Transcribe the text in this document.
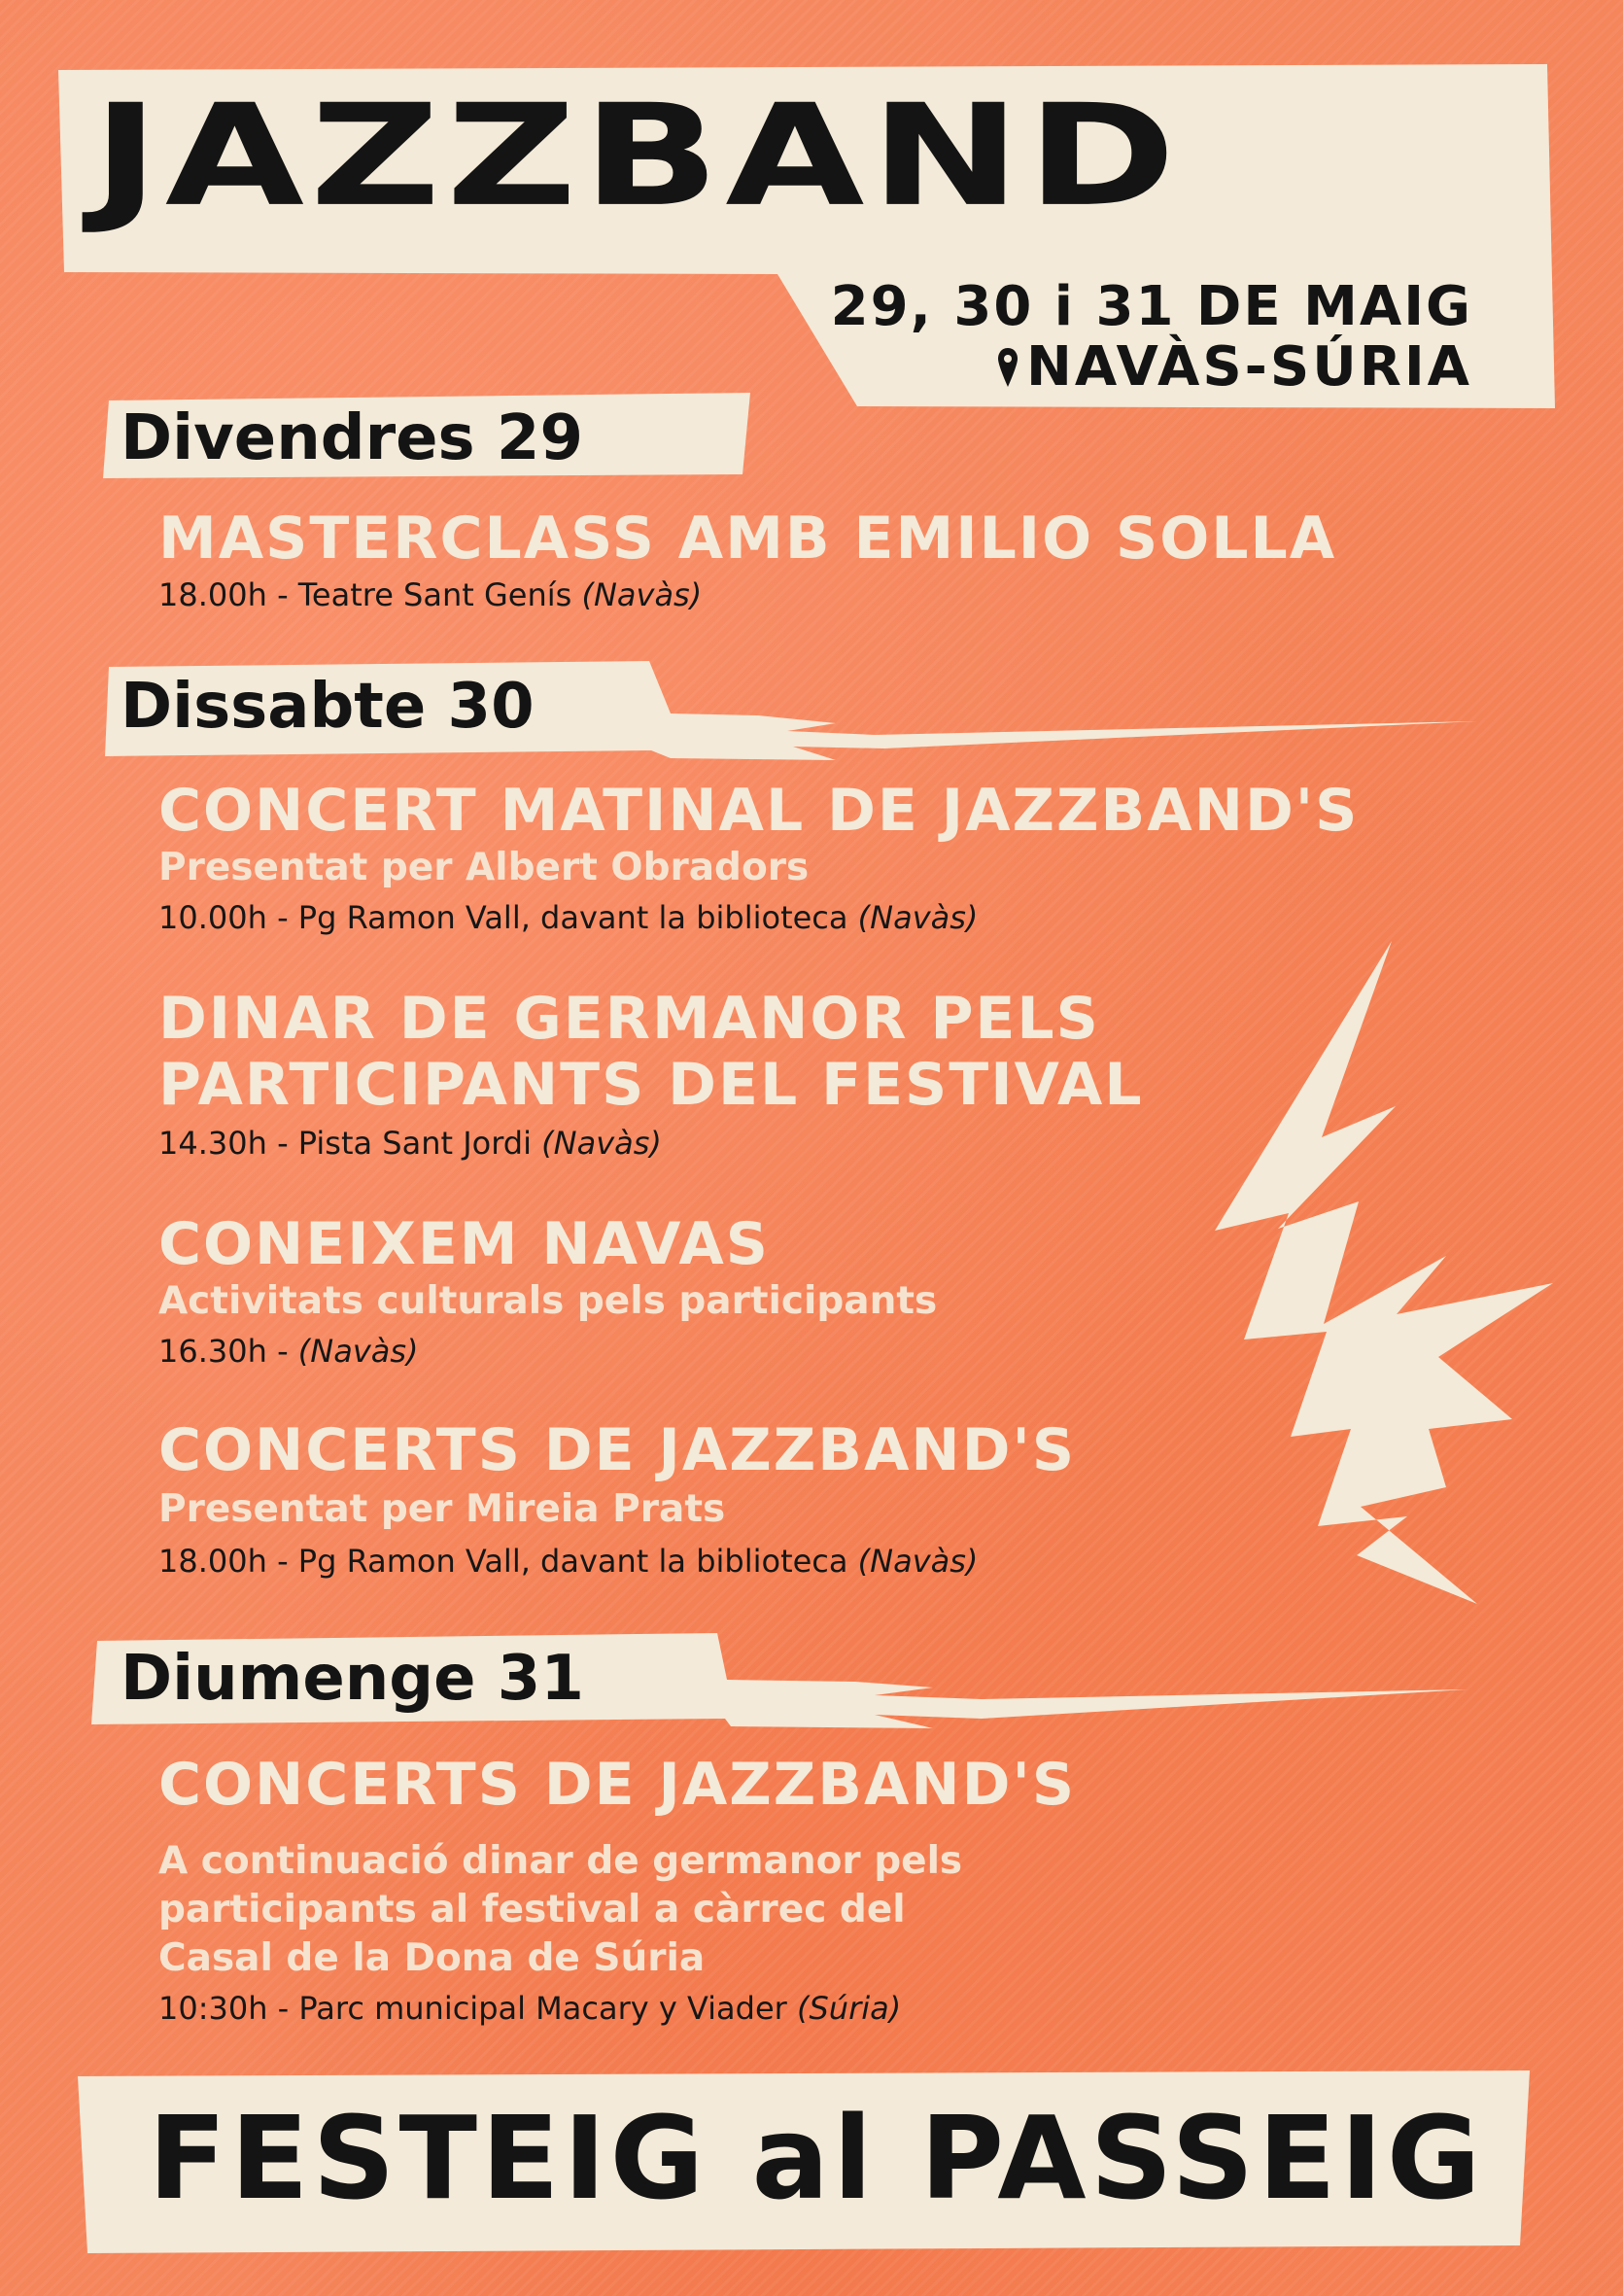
JAZZBAND
29, 30 i 31 DE MAIG
NAVÀS-SÚRIA
Divendres 29
MASTERCLASS AMB EMILIO SOLLA
18.00h - Teatre Sant Genís (Navàs)
Dissabte 30
CONCERT MATINAL DE JAZZBAND'S
Presentat per Albert Obradors
10.00h - Pg Ramon Vall, davant la biblioteca (Navàs)
DINAR DE GERMANOR PELS
PARTICIPANTS DEL FESTIVAL
14.30h - Pista Sant Jordi (Navàs)
CONEIXEM NAVAS
Activitats culturals pels participants
16.30h - (Navàs)
CONCERTS DE JAZZBAND'S
Presentat per Mireia Prats
18.00h - Pg Ramon Vall, davant la biblioteca (Navàs)
Diumenge 31
CONCERTS DE JAZZBAND'S
A continuació dinar de germanor pels
participants al festival a càrrec del
Casal de la Dona de Súria
10:30h - Parc municipal Macary y Viader (Súria)
FESTEIG al PASSEIG
